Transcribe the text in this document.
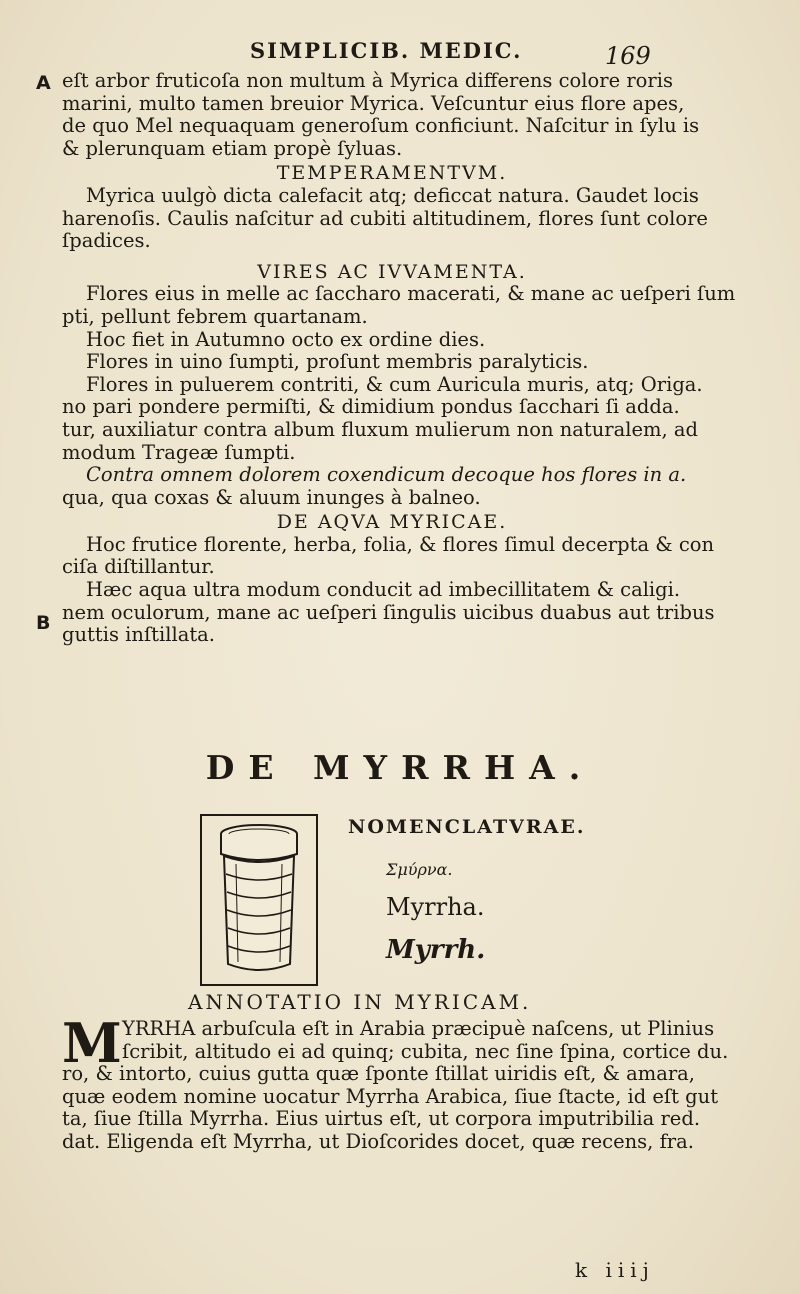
SIMPLICIB. MEDIC.	169
A
B
eſt arbor fruticoſa non multum à Myrica differens colore roris
marini, multo tamen breuior Myrica. Veſcuntur eius flore apes,
de quo Mel nequaquam generoſum conficiunt. Naſcitur in ſylu is
& plerunquam etiam propè ſyluas.
TEMPERAMENTVM.
Myrica uulgò dicta calefacit atq; deficcat natura. Gaudet locis
harenoſis. Caulis naſcitur ad cubiti altitudinem, flores ſunt colore
ſpadices.
VIRES AC IVVAMENTA.
Flores eius in melle ac ſaccharo macerati, & mane ac ueſperi ſum
pti, pellunt febrem quartanam.
Hoc fiet in Autumno octo ex ordine dies.
Flores in uino ſumpti, proſunt membris paralyticis.
Flores in puluerem contriti, & cum Auricula muris, atq; Origa.
no pari pondere permiſti, & dimidium pondus ſacchari ſi adda.
tur, auxiliatur contra album fluxum mulierum non naturalem, ad
modum Trageæ ſumpti.
Contra omnem dolorem coxendicum decoque hos flores in a.
qua, qua coxas & aluum inunges à balneo.
DE AQVA MYRICAE.
Hoc frutice florente, herba, folia, & flores ſimul decerpta & con
ciſa diſtillantur.
Hæc aqua ultra modum conducit ad imbecillitatem & caligi.
nem oculorum, mane ac ueſperi ſingulis uicibus duabus aut tribus
guttis inſtillata.
DE MYRRHA.
NOMENCLATVRAE.
Σμύρνα.
Myrrha.
Myrrh.
ANNOTATIO IN MYRICAM.
M YRRHA arbuſcula eſt in Arabia præcipuè naſcens, ut Plinius
ſcribit, altitudo ei ad quinq; cubita, nec ſine ſpina, cortice du.
ro, & intorto, cuius gutta quæ ſponte ſtillat uiridis eſt, & amara,
quæ eodem nomine uocatur Myrrha Arabica, ſiue ſtacte, id eſt gut
ta, ſiue ſtilla Myrrha. Eius uirtus eſt, ut corpora imputribilia red.
dat. Eligenda eſt Myrrha, ut Dioſcorides docet, quæ recens, fra.
k iiij
